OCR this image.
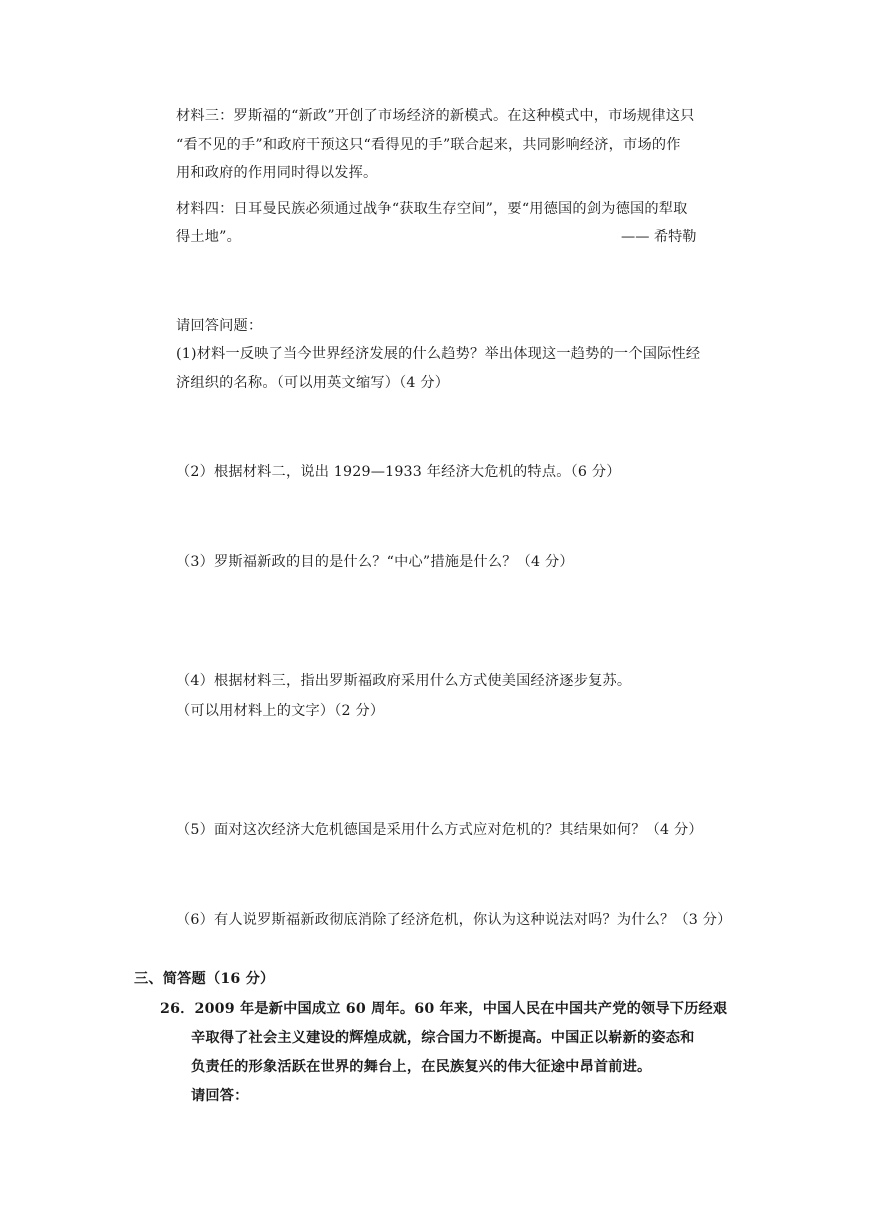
材料三：罗斯福的“新政”开创了市场经济的新模式。在这种模式中，市场规律这只
“看不见的手”和政府干预这只“看得见的手”联合起来，共同影响经济，市场的作
用和政府的作用同时得以发挥。
材料四：日耳曼民族必须通过战争“获取生存空间”，要“用德国的剑为德国的犁取
得土地”。	—— 希特勒
请回答问题：
(1)材料一反映了当今世界经济发展的什么趋势？举出体现这一趋势的一个国际性经
济组织的名称。（可以用英文缩写）（4 分）
（2）根据材料二，说出 1929—1933 年经济大危机的特点。（6 分）
（3）罗斯福新政的目的是什么？“中心”措施是什么？（4 分）
（4）根据材料三，指出罗斯福政府采用什么方式使美国经济逐步复苏。
（可以用材料上的文字）（2 分）
（5）面对这次经济大危机德国是采用什么方式应对危机的？其结果如何？（4 分）
（6）有人说罗斯福新政彻底消除了经济危机，你认为这种说法对吗？为什么？（3 分）
三、简答题（16 分）
26．2009 年是新中国成立 60 周年。60 年来，中国人民在中国共产党的领导下历经艰
辛取得了社会主义建设的辉煌成就，综合国力不断提高。中国正以崭新的姿态和
负责任的形象活跃在世界的舞台上，在民族复兴的伟大征途中昂首前进。
请回答：
